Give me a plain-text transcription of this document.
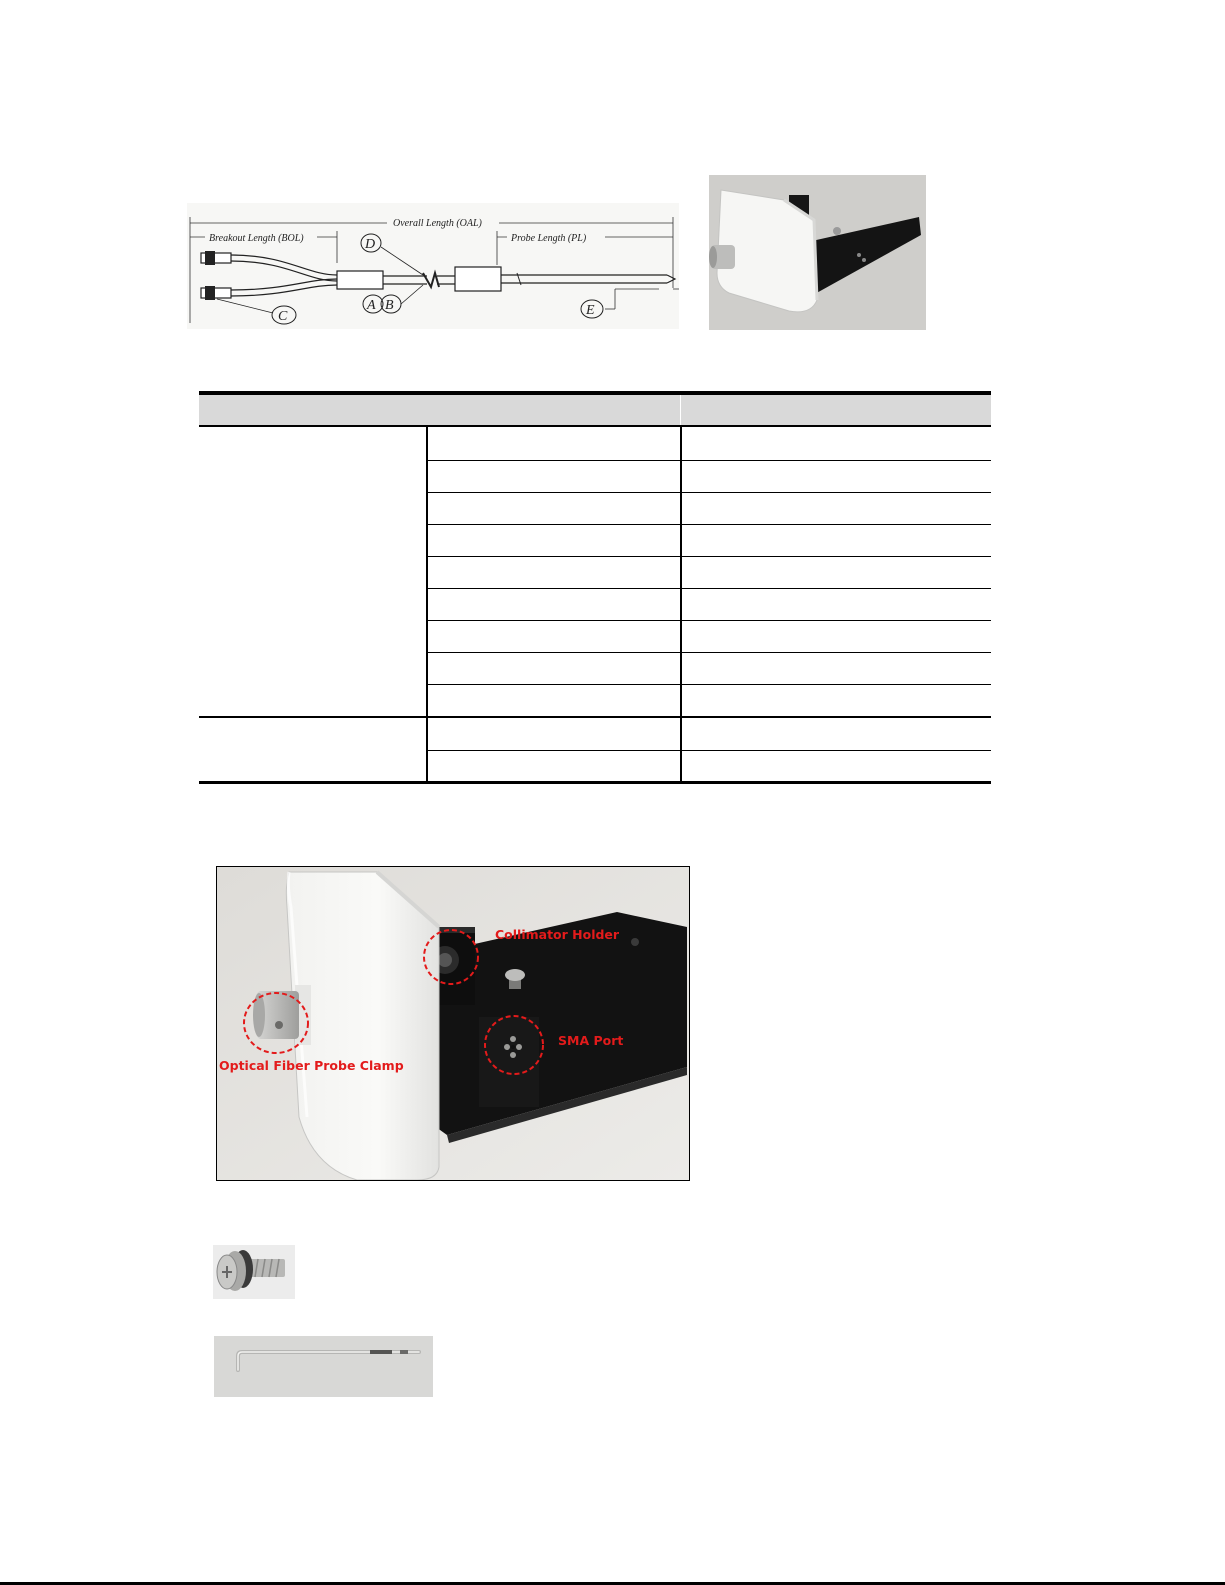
Overall Length (OAL)
Breakout Length (BOL)	Probe Length (PL)
D
A B
C	E
Collimator Holder
SMA Port
Optical Fiber Probe Clamp
